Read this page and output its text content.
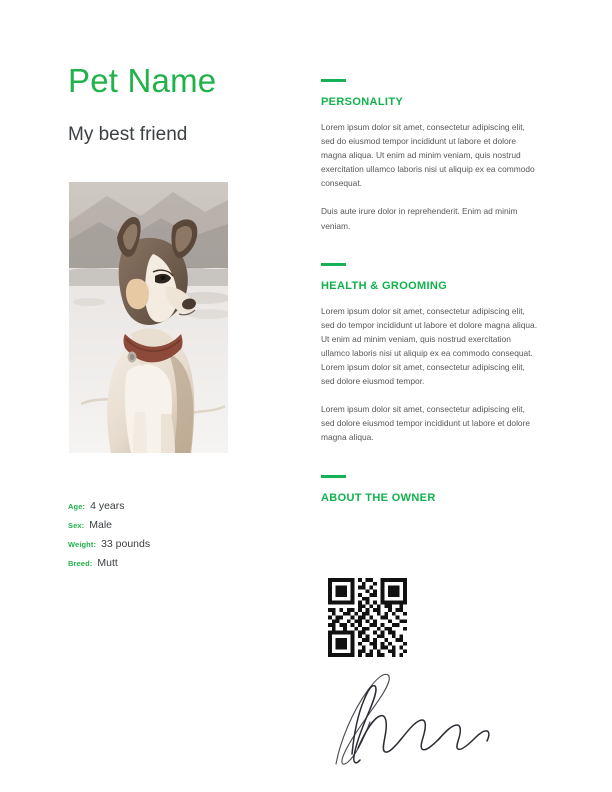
Pet Name
My best friend
Age: 4 years
Sex: Male
Weight: 33 pounds
Breed: Mutt
PERSONALITY

Lorem ipsum dolor sit amet, consectetur adipiscing elit, sed do eiusmod tempor incididunt ut labore et dolore magna aliqua. Ut enim ad minim veniam, quis nostrud exercitation ullamco laboris nisi ut aliquip ex ea commodo consequat.

Duis aute irure dolor in reprehenderit. Enim ad minim veniam.

HEALTH & GROOMING

Lorem ipsum dolor sit amet, consectetur adipiscing elit, sed do tempor incididunt ut labore et dolore magna aliqua. Ut enim ad minim veniam, quis nostrud exercitation ullamco laboris nisi ut aliquip ex ea commodo consequat. Lorem ipsum dolor sit amet, consectetur adipiscing elit, sed dolore eiusmod tempor.

Lorem ipsum dolor sit amet, consectetur adipiscing elit, sed dolore eiusmod tempor incididunt ut labore et dolore magna aliqua.

ABOUT THE OWNER
